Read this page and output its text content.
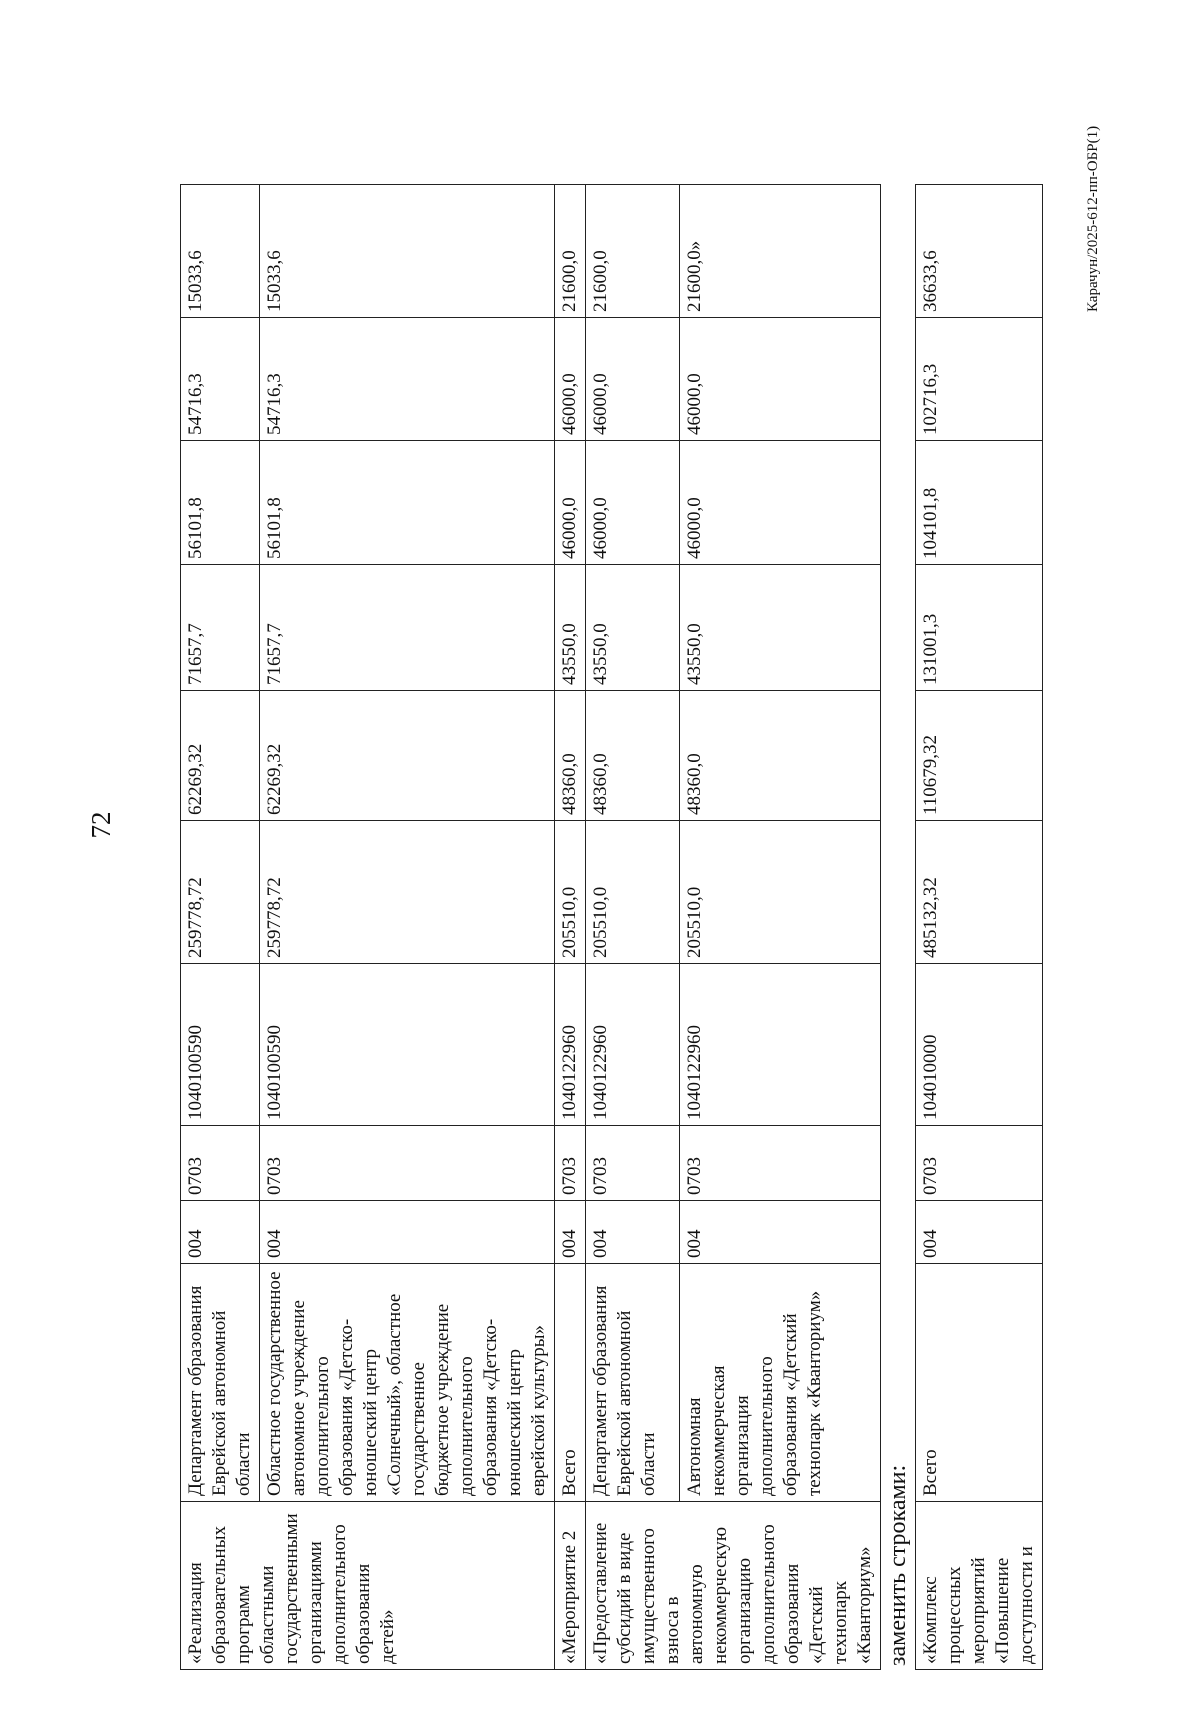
72
Карачун/2025-612-пп-ОБР(1)
«Реализация образовательных программ областными государственными организациями дополнительного образования детей»	Департамент образования Еврейской автономной области	004	0703	1040100590	259778,72	62269,32	71657,7	56101,8	54716,3	15033,6
	Областное государственное автономное учреждение дополнительного образования «Детско-юношеский центр «Солнечный», областное государственное бюджетное учреждение дополнительного образования «Детско-юношеский центр еврейской культуры»	004	0703	1040100590	259778,72	62269,32	71657,7	56101,8	54716,3	15033,6
«Мероприятие 2	Всего	004	0703	1040122960	205510,0	48360,0	43550,0	46000,0	46000,0	21600,0
«Предоставление субсидий в виде имущественного взноса в автономную некоммерческую организацию дополнительного образования «Детский технопарк «Кванториум»	Департамент образования Еврейской автономной области	004	0703	1040122960	205510,0	48360,0	43550,0	46000,0	46000,0	21600,0
	Автономная некоммерческая организация дополнительного образования «Детский технопарк «Кванториум»	004	0703	1040122960	205510,0	48360,0	43550,0	46000,0	46000,0	21600,0»
заменить строками: «Комплекс процессных мероприятий «Повышение доступности и	Всего	004	0703	104010000	485132,32	110679,32	131001,3	104101,8	102716,3	36633,6
